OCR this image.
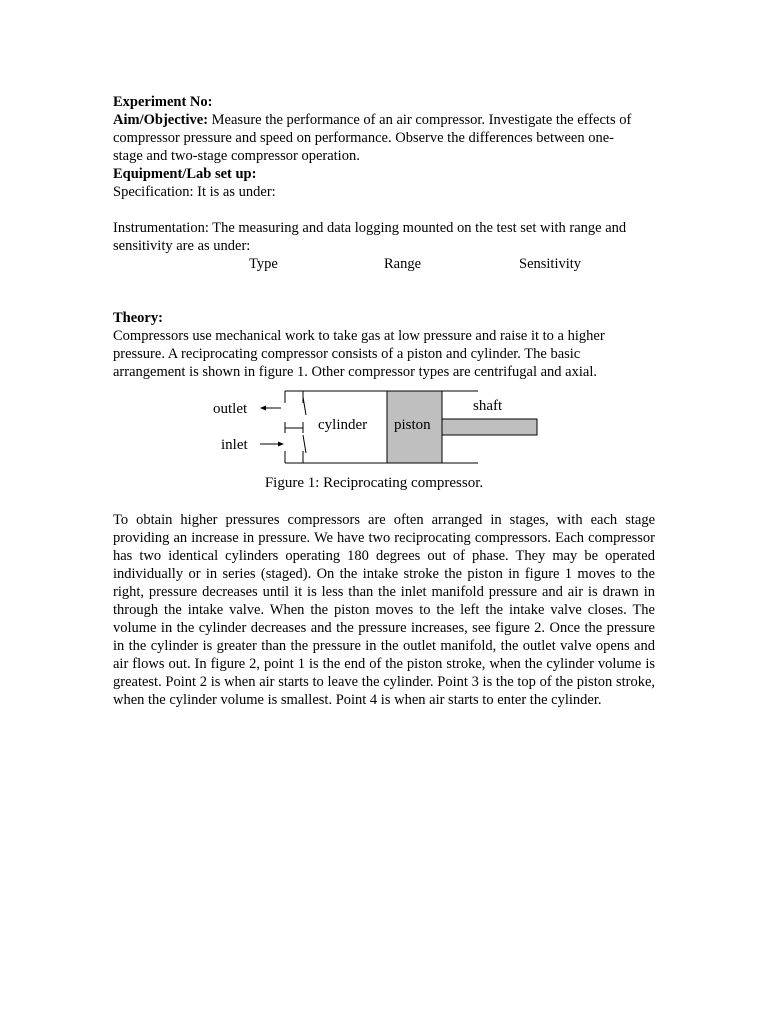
Experiment No:

Aim/Objective: Measure the performance of an air compressor. Investigate the effects of

compressor pressure and speed on performance. Observe the differences between one-

stage and two-stage compressor operation.

Equipment/Lab set up:

Specification: It is as under:

Instrumentation: The measuring and data logging mounted on the test set with range and

sensitivity are as under:

Type	Range	Sensitivity

Theory:

Compressors use mechanical work to take gas at low pressure and raise it to a higher

pressure. A reciprocating compressor consists of a piston and cylinder. The basic

arrangement is shown in figure 1. Other compressor types are centrifugal and axial.

outlet
inlet
cylinder piston
shaft
Figure 1: Reciprocating compressor.

To obtain higher pressures compressors are often arranged in stages, with each stage providing an increase in pressure. We have two reciprocating compressors. Each compressor has two identical cylinders operating 180 degrees out of phase. They may be operated individually or in series (staged). On the intake stroke the piston in figure 1 moves to the right, pressure decreases until it is less than the inlet manifold pressure and air is drawn in through the intake valve. When the piston moves to the left the intake valve closes. The volume in the cylinder decreases and the pressure increases, see figure 2. Once the pressure in the cylinder is greater than the pressure in the outlet manifold, the outlet valve opens and air flows out. In figure 2, point 1 is the end of the piston stroke, when the cylinder volume is greatest. Point 2 is when air starts to leave the cylinder. Point 3 is the top of the piston stroke, when the cylinder volume is smallest. Point 4 is when air starts to enter the cylinder.
